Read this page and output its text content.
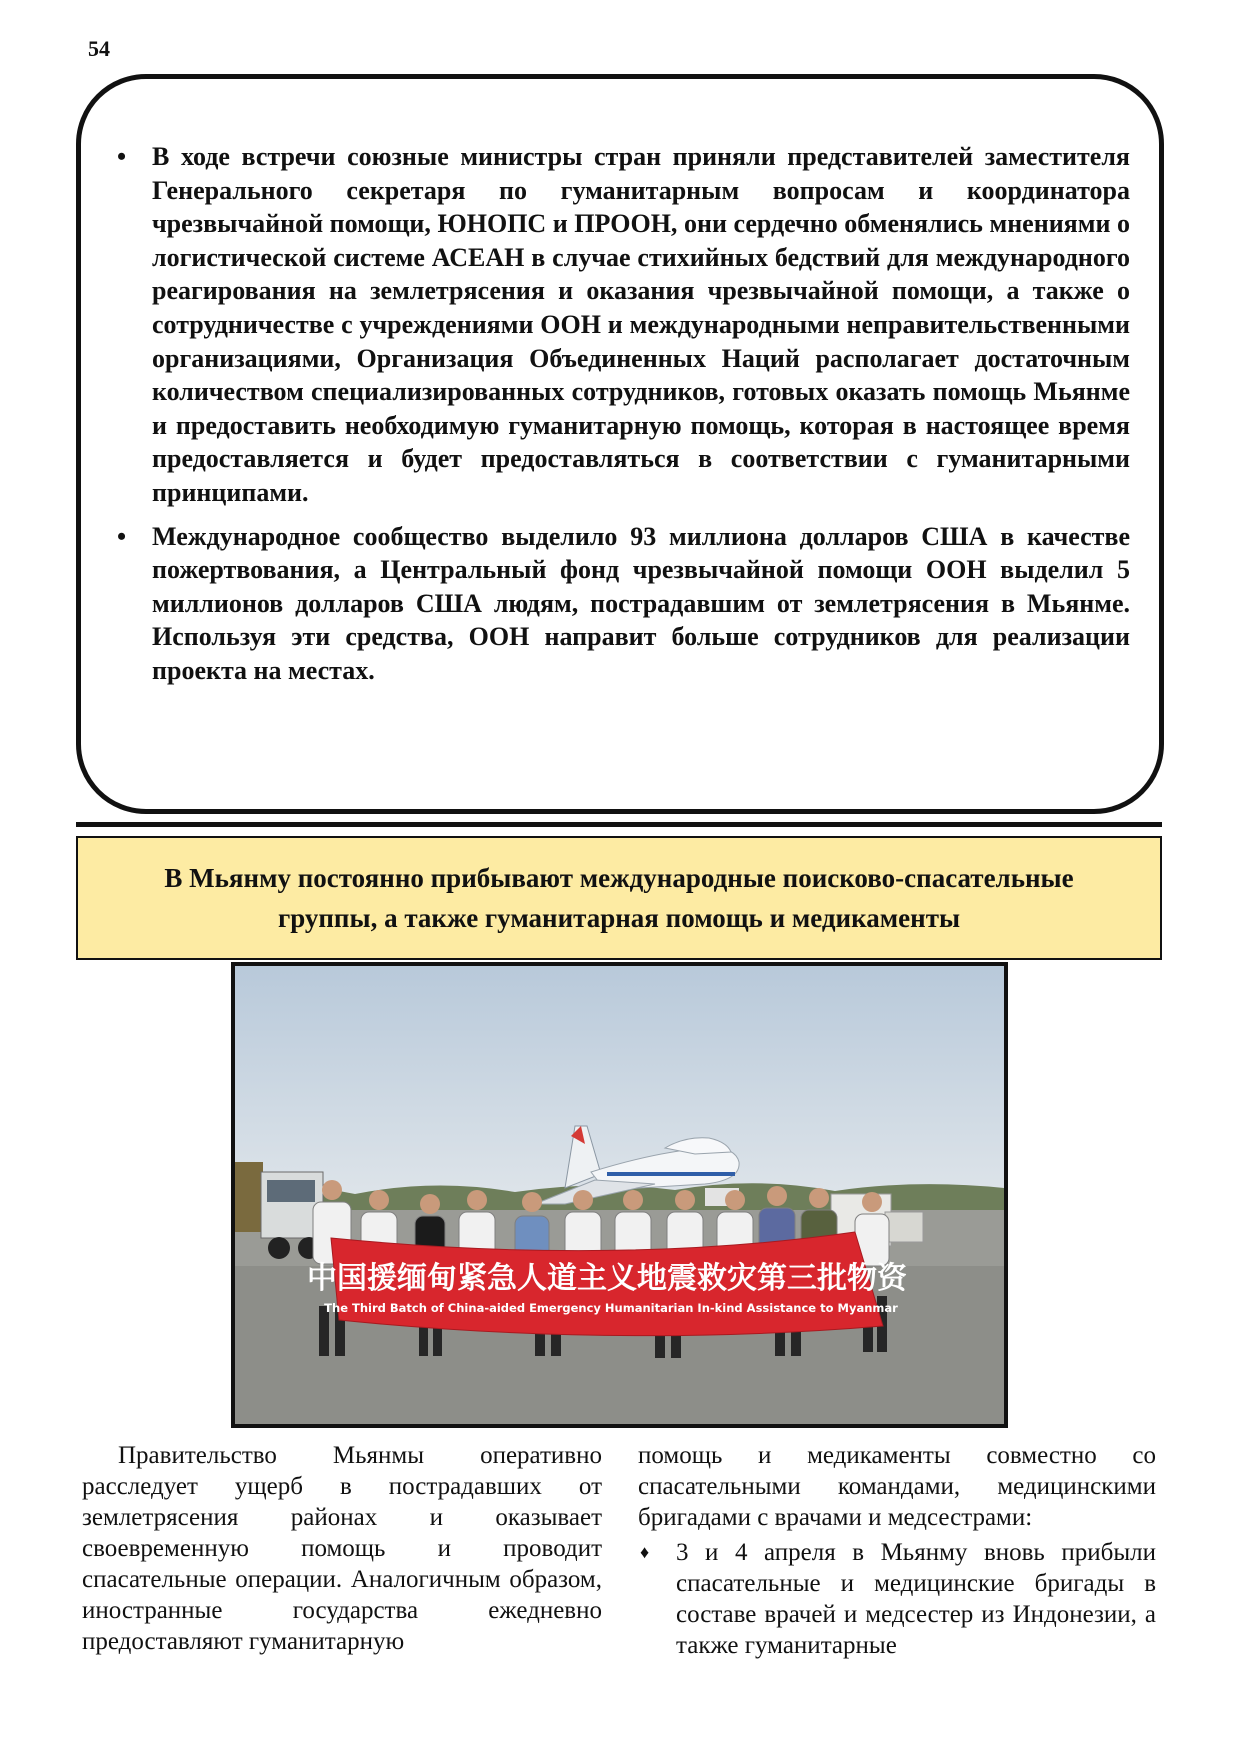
54
• В ходе встречи союзные министры стран приняли представителей заместителя Генерального секретаря по гуманитарным вопросам и координатора чрезвычайной помощи, ЮНОПС и ПРООН, они сердечно обменялись мнениями о логистической системе АСЕАН в случае стихийных бедствий для международного реагирования на землетрясения и оказания чрезвычайной помощи, а также о сотрудничестве с учреждениями ООН и международными неправительственными организациями, Организация Объединенных Наций располагает достаточным количеством специализированных сотрудников, готовых оказать помощь Мьянме и предоставить необходимую гуманитарную помощь, которая в настоящее время предоставляется и будет предоставляться в соответствии с гуманитарными принципами.
• Международное сообщество выделило 93 миллиона долларов США в качестве пожертвования, а Центральный фонд чрезвычайной помощи ООН выделил 5 миллионов долларов США людям, пострадавшим от землетрясения в Мьянме. Используя эти средства, ООН направит больше сотрудников для реализации проекта на местах.
В Мьянму постоянно прибывают международные поисково-спасательные
группы, а также гуманитарная помощь и медикаменты
中国援缅甸紧急人道主义地震救灾第三批物资
The Third Batch of China-aided Emergency Humanitarian In-kind Assistance to Myanmar

Правительство Мьянмы оперативно расследует ущерб в пострадавших от землетрясения районах и оказывает своевременную помощь и проводит спасательные операции. Аналогичным образом, иностранные государства ежедневно предоставляют гуманитарную

помощь и медикаменты совместно со спасательными командами, медицинскими бригадами с врачами и медсестрами:

♦ 3 и 4 апреля в Мьянму вновь прибыли спасательные и медицинские бригады в составе врачей и медсестер из Индонезии, а также гуманитарные
